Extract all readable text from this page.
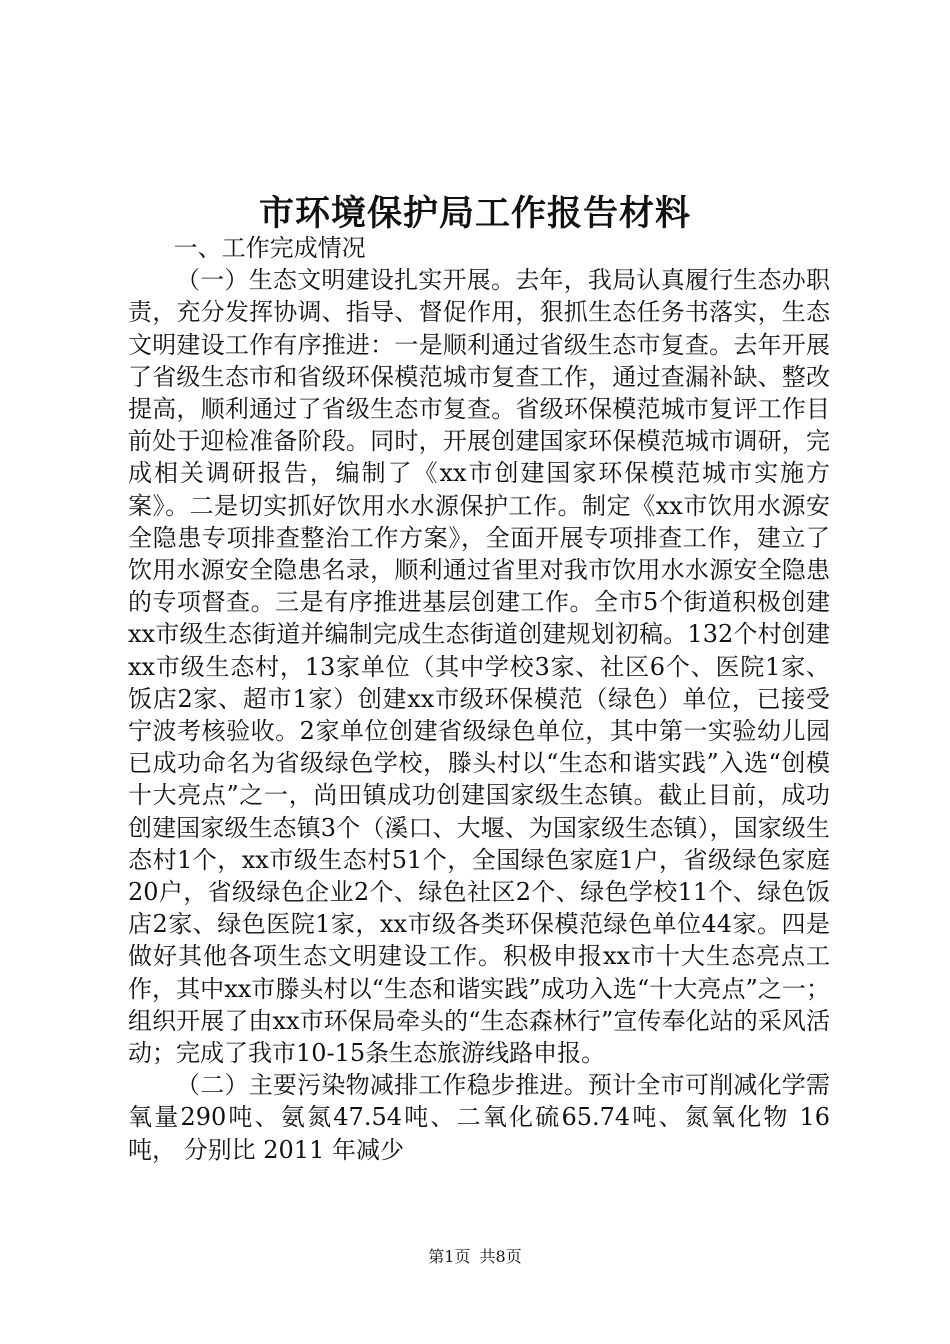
市环境保护局工作报告材料

一、工作完成情况

（一）生态文明建设扎实开展。去年，我局认真履行生态办职责，充分发挥协调、指导、督促作用，狠抓生态任务书落实，生态文明建设工作有序推进：一是顺利通过省级生态市复查。去年开展了省级生态市和省级环保模范城市复查工作，通过查漏补缺、整改提高，顺利通过了省级生态市复查。省级环保模范城市复评工作目前处于迎检准备阶段。同时，开展创建国家环保模范城市调研，完成相关调研报告，编制了《xx市创建国家环保模范城市实施方案》。二是切实抓好饮用水水源保护工作。制定《xx市饮用水源安全隐患专项排查整治工作方案》，全面开展专项排查工作，建立了饮用水源安全隐患名录，顺利通过省里对我市饮用水水源安全隐患的专项督查。三是有序推进基层创建工作。全市5个街道积极创建xx市级生态街道并编制完成生态街道创建规划初稿。132个村创建xx市级生态村，13家单位（其中学校3家、社区6个、医院1家、饭店2家、超市1家）创建xx市级环保模范（绿色）单位，已接受宁波考核验收。2家单位创建省级绿色单位，其中第一实验幼儿园已成功命名为省级绿色学校，滕头村以“生态和谐实践”入选“创模十大亮点”之一，尚田镇成功创建国家级生态镇。截止目前，成功创建国家级生态镇3个（溪口、大堰、为国家级生态镇），国家级生态村1个，xx市级生态村51个，全国绿色家庭1户，省级绿色家庭20户，省级绿色企业2个、绿色社区2个、绿色学校11个、绿色饭店2家、绿色医院1家，xx市级各类环保模范绿色单位44家。四是做好其他各项生态文明建设工作。积极申报xx市十大生态亮点工作，其中xx市滕头村以“生态和谐实践”成功入选“十大亮点”之一；组织开展了由xx市环保局牵头的“生态森林行”宣传奉化站的采风活动；完成了我市10-15条生态旅游线路申报。

（二）主要污染物减排工作稳步推进。预计全市可削减化学需氧量290吨、氨氮47.54吨、二氧化硫65.74吨、氮氧化物 16 吨， 分别比 2011 年减少

第1页 共8页
